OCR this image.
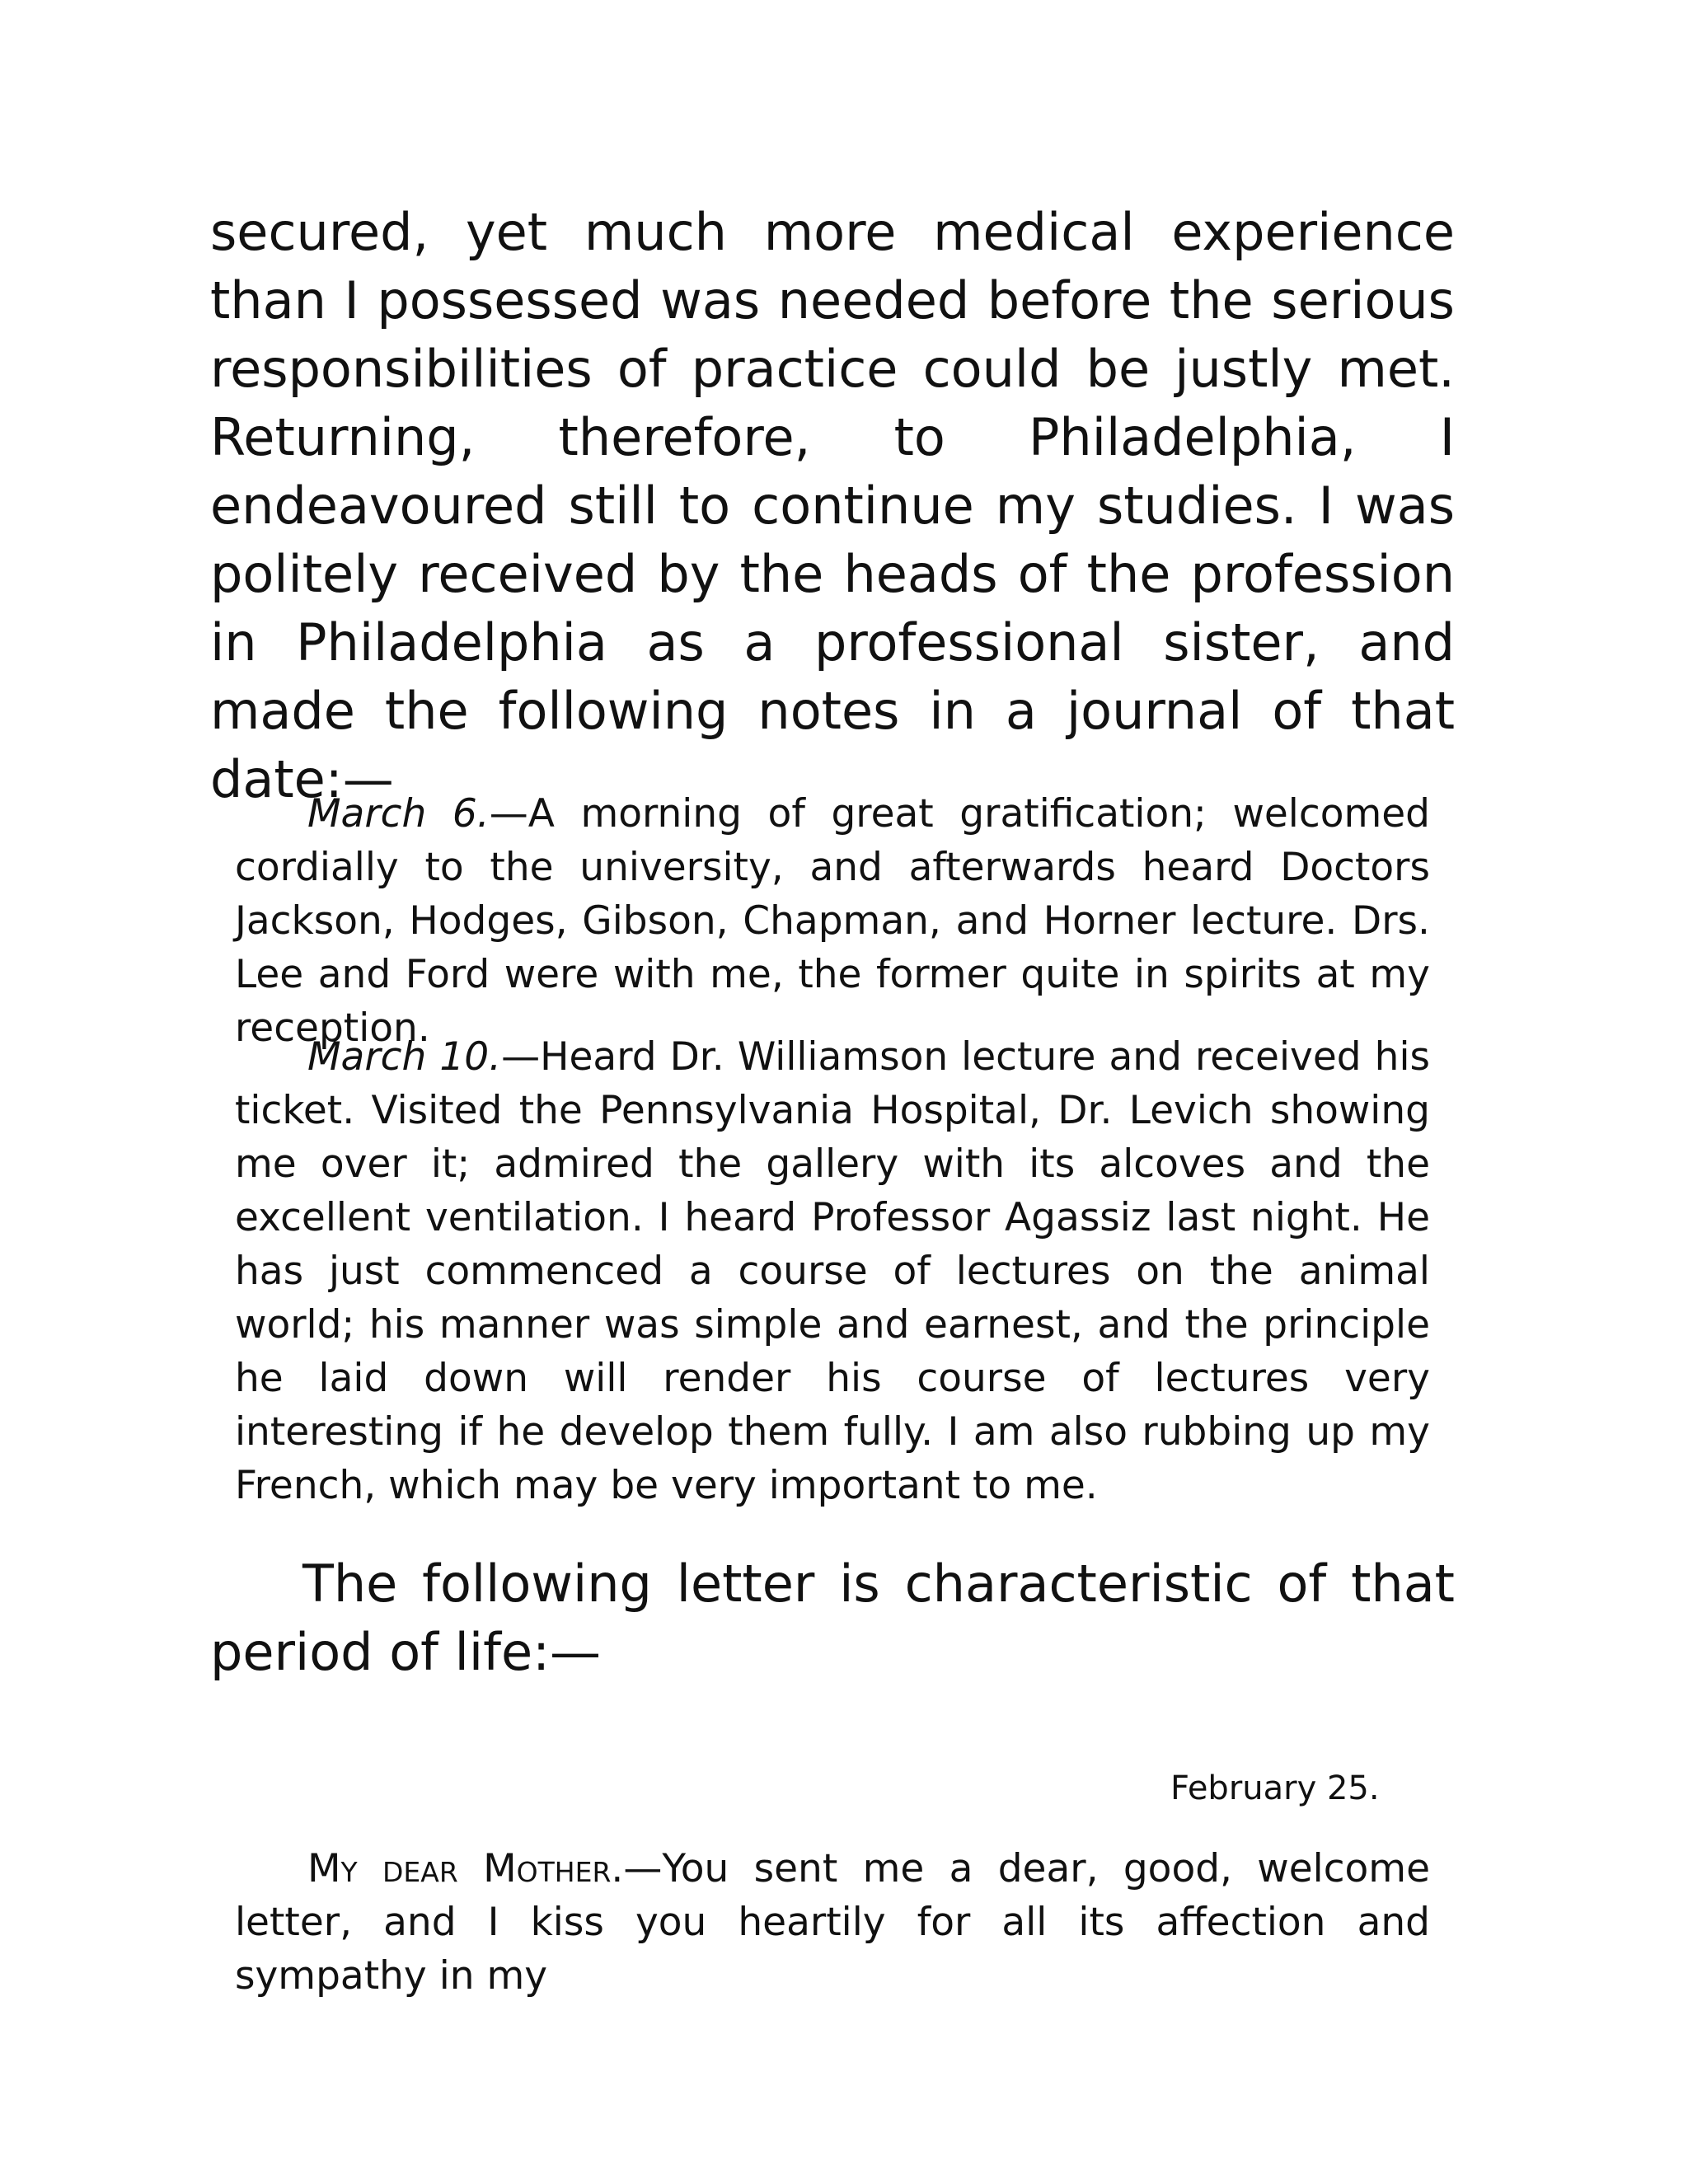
secured, yet much more medical experience than I possessed was needed before the serious responsibilities of practice could be justly met. Returning, therefore, to Philadelphia, I endeavoured still to continue my studies. I was politely received by the heads of the profession in Philadelphia as a professional sister, and made the following notes in a journal of that date:—

March 6.—A morning of great gratification; welcomed cordially to the university, and afterwards heard Doctors Jackson, Hodges, Gibson, Chapman, and Horner lecture. Drs. Lee and Ford were with me, the former quite in spirits at my reception.

March 10.—Heard Dr. Williamson lecture and received his ticket. Visited the Pennsylvania Hospital, Dr. Levich showing me over it; admired the gallery with its alcoves and the excellent ventilation. I heard Professor Agassiz last night. He has just commenced a course of lectures on the animal world; his manner was simple and earnest, and the principle he laid down will render his course of lectures very interesting if he develop them fully. I am also rubbing up my French, which may be very important to me.

The following letter is characteristic of that period of life:—

February 25.

My dear Mother.—You sent me a dear, good, welcome letter, and I kiss you heartily for all its affection and sympathy in my
